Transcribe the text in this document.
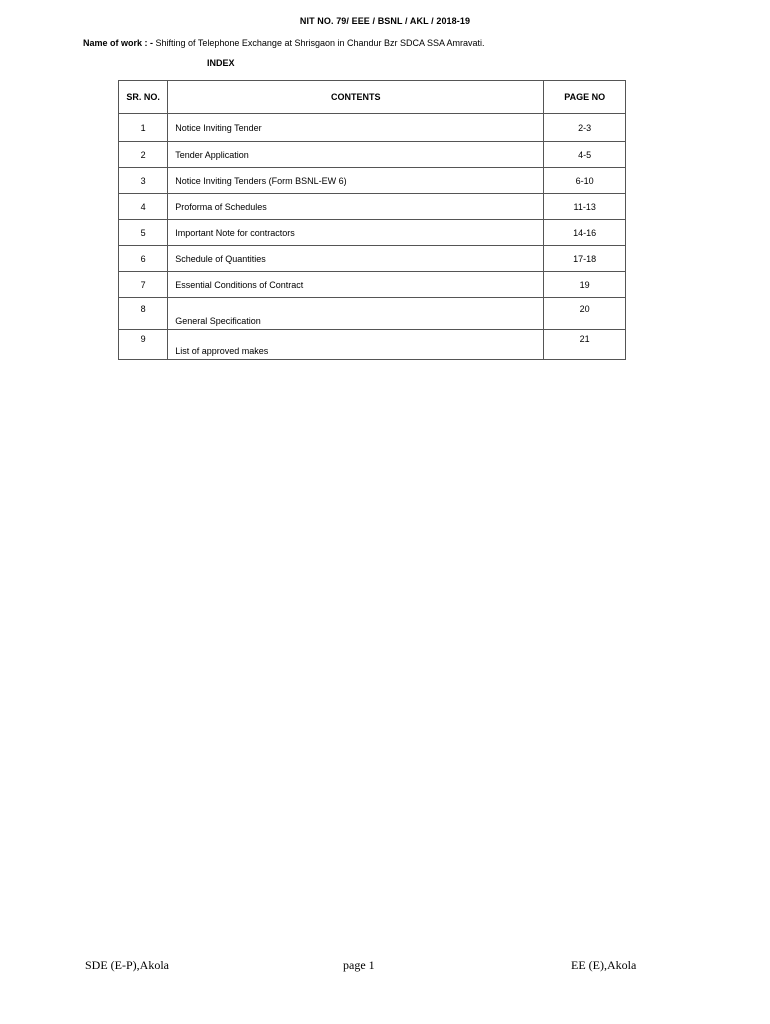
NIT NO. 79/ EEE / BSNL / AKL / 2018-19
Name of work : - Shifting of Telephone Exchange at Shrisgaon in Chandur Bzr SDCA SSA Amravati.
INDEX
SR. NO.	CONTENTS	PAGE NO
1	Notice Inviting Tender	2-3
2	Tender Application	4-5
3	Notice Inviting Tenders (Form BSNL-EW 6)	6-10
4	Proforma of Schedules	11-13
5	Important Note for contractors	14-16
6	Schedule of Quantities	17-18
7	Essential Conditions of Contract	19
8	General Specification	20
9	List of approved makes	21
SDE (E-P),Akola	page 1	EE (E),Akola
